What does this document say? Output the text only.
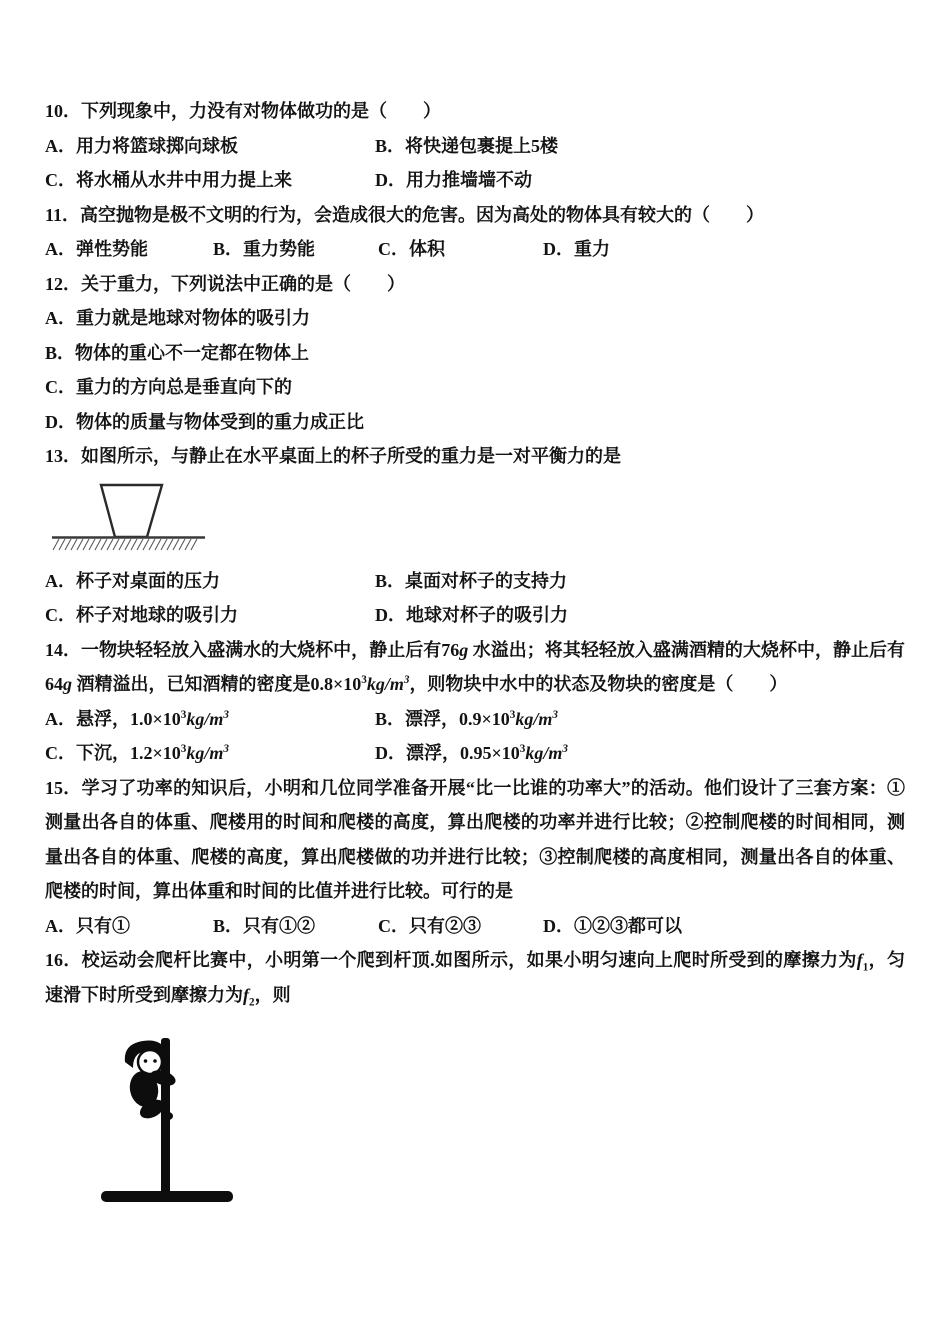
10．下列现象中，力没有对物体做功的是（　　）

A．用力将篮球掷向球板	B．将快递包裹提上5楼
C．将水桶从水井中用力提上来	D．用力推墙墙不动

11．高空抛物是极不文明的行为，会造成很大的危害。因为高处的物体具有较大的（　　）

A．弹性势能	B．重力势能	C．体积	D．重力

12．关于重力，下列说法中正确的是（　　）

A．重力就是地球对物体的吸引力
B．物体的重心不一定都在物体上
C．重力的方向总是垂直向下的
D．物体的质量与物体受到的重力成正比

13．如图所示，与静止在水平桌面上的杯子所受的重力是一对平衡力的是

A．杯子对桌面的压力	B．桌面对杯子的支持力
C．杯子对地球的吸引力	D．地球对杯子的吸引力

14．一物块轻轻放入盛满水的大烧杯中，静止后有76g 水溢出；将其轻轻放入盛满酒精的大烧杯中，静止后有64g 酒精溢出，已知酒精的密度是$0.8\times 10^3kg/m^3$，则物块中水中的状态及物块的密度是（　　）

A．悬浮，$1.0\times 10^3kg/m^3$	B．漂浮，$0.9\times 10^3kg/m^3$
C．下沉，$1.2\times 10^3kg/m^3$	D．漂浮，$0.95\times 10^3kg/m^3$

15．学习了功率的知识后，小明和几位同学准备开展“比一比谁的功率大”的活动。他们设计了三套方案：①测量出各自的体重、爬楼用的时间和爬楼的高度，算出爬楼的功率并进行比较；②控制爬楼的时间相同，测量出各自的体重、爬楼的高度，算出爬楼做的功并进行比较；③控制爬楼的高度相同，测量出各自的体重、爬楼的时间，算出体重和时间的比值并进行比较。可行的是

A．只有①	B．只有①②	C．只有②③	D．①②③都可以

16．校运动会爬杆比赛中，小明第一个爬到杆顶.如图所示，如果小明匀速向上爬时所受到的摩擦力为$f_1$，匀速滑下时所受到摩擦力为$f_2$，则
